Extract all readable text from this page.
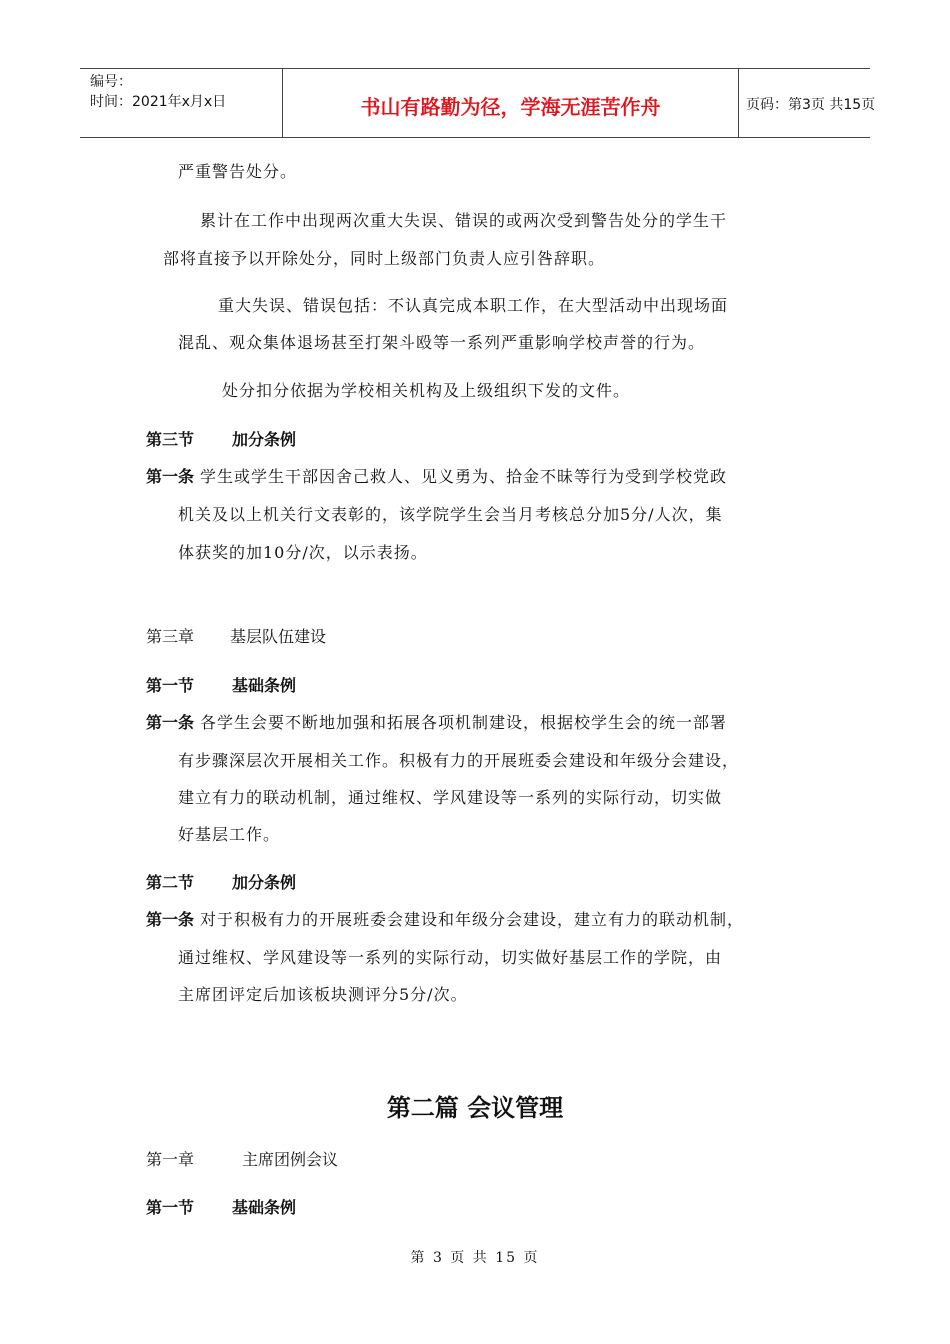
编号：
时间：2021年x月x日	书山有路勤为径，学海无涯苦作舟	页码：第3页 共15页
严重警告处分。
累计在工作中出现两次重大失误、错误的或两次受到警告处分的学生干
部将直接予以开除处分，同时上级部门负责人应引咎辞职。
重大失误、错误包括：不认真完成本职工作，在大型活动中出现场面
混乱、观众集体退场甚至打架斗殴等一系列严重影响学校声誉的行为。
处分扣分依据为学校相关机构及上级组织下发的文件。
第三节 加分条例
第一条 学生或学生干部因舍己救人、见义勇为、拾金不昧等行为受到学校党政
机关及以上机关行文表彰的，该学院学生会当月考核总分加5分/人次，集
体获奖的加10分/次，以示表扬。
第三章 基层队伍建设
第一节 基础条例
第一条 各学生会要不断地加强和拓展各项机制建设，根据校学生会的统一部署
有步骤深层次开展相关工作。积极有力的开展班委会建设和年级分会建设，
建立有力的联动机制，通过维权、学风建设等一系列的实际行动，切实做
好基层工作。
第二节 加分条例
第一条 对于积极有力的开展班委会建设和年级分会建设，建立有力的联动机制，
通过维权、学风建设等一系列的实际行动，切实做好基层工作的学院，由
主席团评定后加该板块测评分5分/次。
第二篇 会议管理
第一章	主席团例会议
第一节 基础条例
第 3 页 共 15 页
